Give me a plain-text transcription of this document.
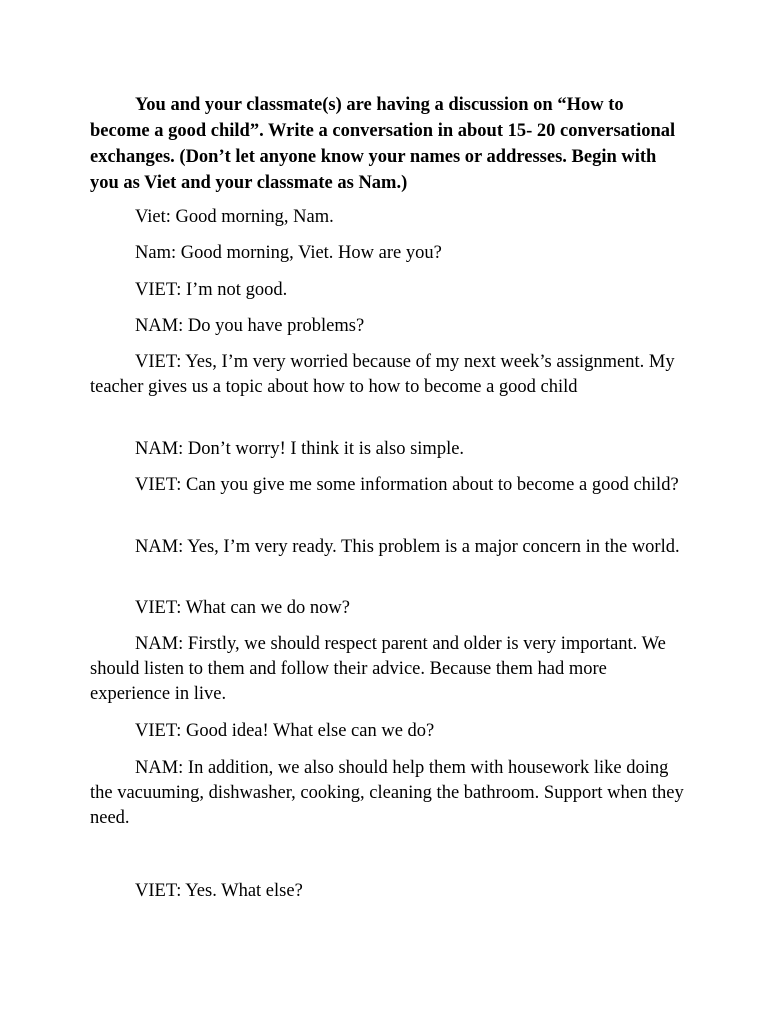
You and your classmate(s) are having a discussion on “How to become a good child”. Write a conversation in about 15- 20 conversational exchanges. (Don’t let anyone know your names or addresses. Begin with you as Viet and your classmate as Nam.)

Viet: Good morning, Nam.

Nam: Good morning, Viet. How are you?

VIET: I’m not good.

NAM: Do you have problems?

VIET: Yes, I’m very worried because of my next week’s assignment. My teacher gives us a topic about how to how to become a good child

NAM: Don’t worry! I think it is also simple.

VIET: Can you give me some information about to become a good child?

NAM: Yes, I’m very ready. This problem is a major concern in the world.

VIET: What can we do now?

NAM: Firstly, we should respect parent and older is very important. We should listen to them and follow their advice. Because them had more experience in live.

VIET: Good idea! What else can we do?

NAM: In addition, we also should help them with housework like doing the vacuuming, dishwasher, cooking, cleaning the bathroom. Support when they need.

VIET: Yes. What else?
